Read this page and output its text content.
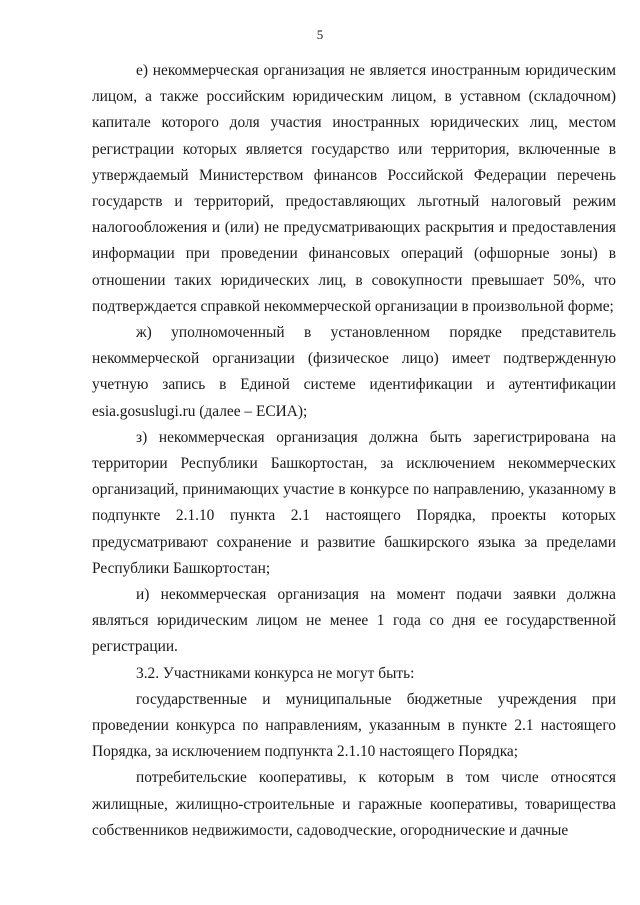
5

е) некоммерческая организация не является иностранным юридическим лицом, а также российским юридическим лицом, в уставном (складочном) капитале которого доля участия иностранных юридических лиц, местом регистрации которых является государство или территория, включенные в утверждаемый Министерством финансов Российской Федерации перечень государств и территорий, предоставляющих льготный налоговый режим налогообложения и (или) не предусматривающих раскрытия и предоставления информации при проведении финансовых операций (офшорные зоны) в отношении таких юридических лиц, в совокупности превышает 50%, что подтверждается справкой некоммерческой организации в произвольной форме;

ж) уполномоченный в установленном порядке представитель некоммерческой организации (физическое лицо) имеет подтвержденную учетную запись в Единой системе идентификации и аутентификации esia.gosuslugi.ru (далее – ЕСИА);

з) некоммерческая организация должна быть зарегистрирована на территории Республики Башкортостан, за исключением некоммерческих организаций, принимающих участие в конкурсе по направлению, указанному в подпункте 2.1.10 пункта 2.1 настоящего Порядка, проекты которых предусматривают сохранение и развитие башкирского языка за пределами Республики Башкортостан;

и) некоммерческая организация на момент подачи заявки должна являться юридическим лицом не менее 1 года со дня ее государственной регистрации.

3.2. Участниками конкурса не могут быть:

государственные и муниципальные бюджетные учреждения при проведении конкурса по направлениям, указанным в пункте 2.1 настоящего Порядка, за исключением подпункта 2.1.10 настоящего Порядка;

потребительские кооперативы, к которым в том числе относятся жилищные, жилищно-строительные и гаражные кооперативы, товарищества собственников недвижимости, садоводческие, огороднические и дачные
